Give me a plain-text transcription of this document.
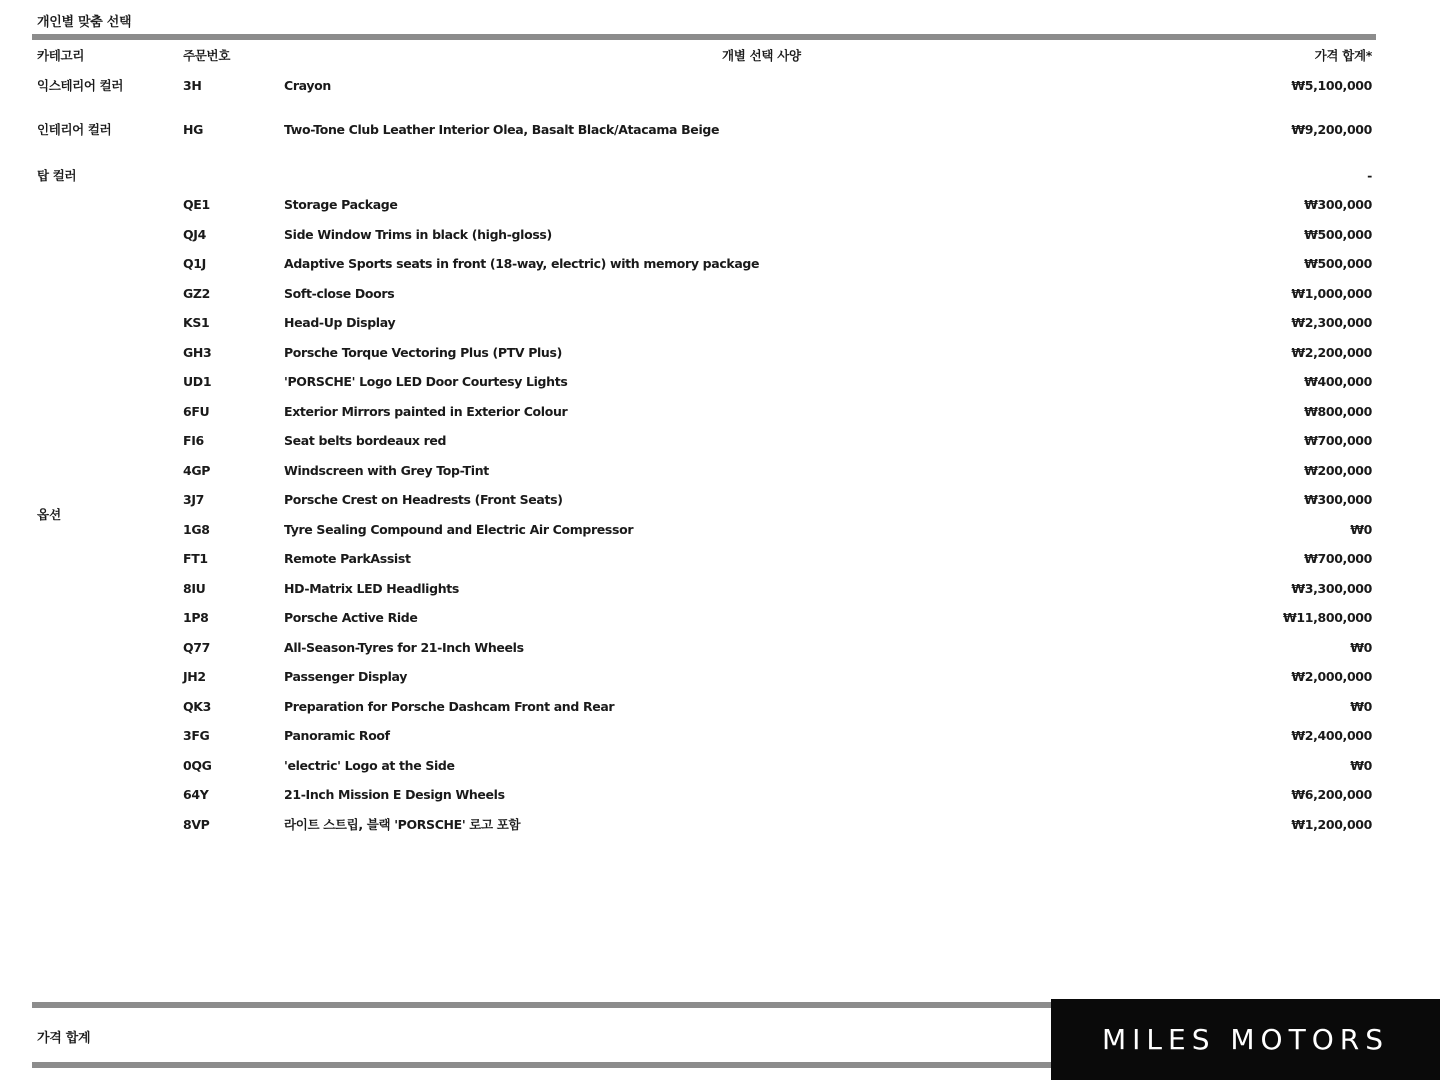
개인별 맞춤 선택
카테고리	주문번호	개별 선택 사양	가격 합계*
익스테리어 컬러	3H	Crayon	₩5,100,000
인테리어 컬러	HG	Two-Tone Club Leather Interior Olea, Basalt Black/Atacama Beige	₩9,200,000
탑 컬러	-
옵션
QE1	Storage Package	₩300,000
QJ4	Side Window Trims in black (high-gloss)	₩500,000
Q1J	Adaptive Sports seats in front (18-way, electric) with memory package	₩500,000
GZ2	Soft-close Doors	₩1,000,000
KS1	Head-Up Display	₩2,300,000
GH3	Porsche Torque Vectoring Plus (PTV Plus)	₩2,200,000
UD1	'PORSCHE' Logo LED Door Courtesy Lights	₩400,000
6FU	Exterior Mirrors painted in Exterior Colour	₩800,000
FI6	Seat belts bordeaux red	₩700,000
4GP	Windscreen with Grey Top-Tint	₩200,000
3J7	Porsche Crest on Headrests (Front Seats)	₩300,000
1G8	Tyre Sealing Compound and Electric Air Compressor	₩0
FT1	Remote ParkAssist	₩700,000
8IU	HD-Matrix LED Headlights	₩3,300,000
1P8	Porsche Active Ride	₩11,800,000
Q77	All-Season-Tyres for 21-Inch Wheels	₩0
JH2	Passenger Display	₩2,000,000
QK3	Preparation for Porsche Dashcam Front and Rear	₩0
3FG	Panoramic Roof	₩2,400,000
0QG	'electric' Logo at the Side	₩0
64Y	21-Inch Mission E Design Wheels	₩6,200,000
8VP	라이트 스트립, 블랙 'PORSCHE' 로고 포함	₩1,200,000
가격 합계	MILES MOTORS
